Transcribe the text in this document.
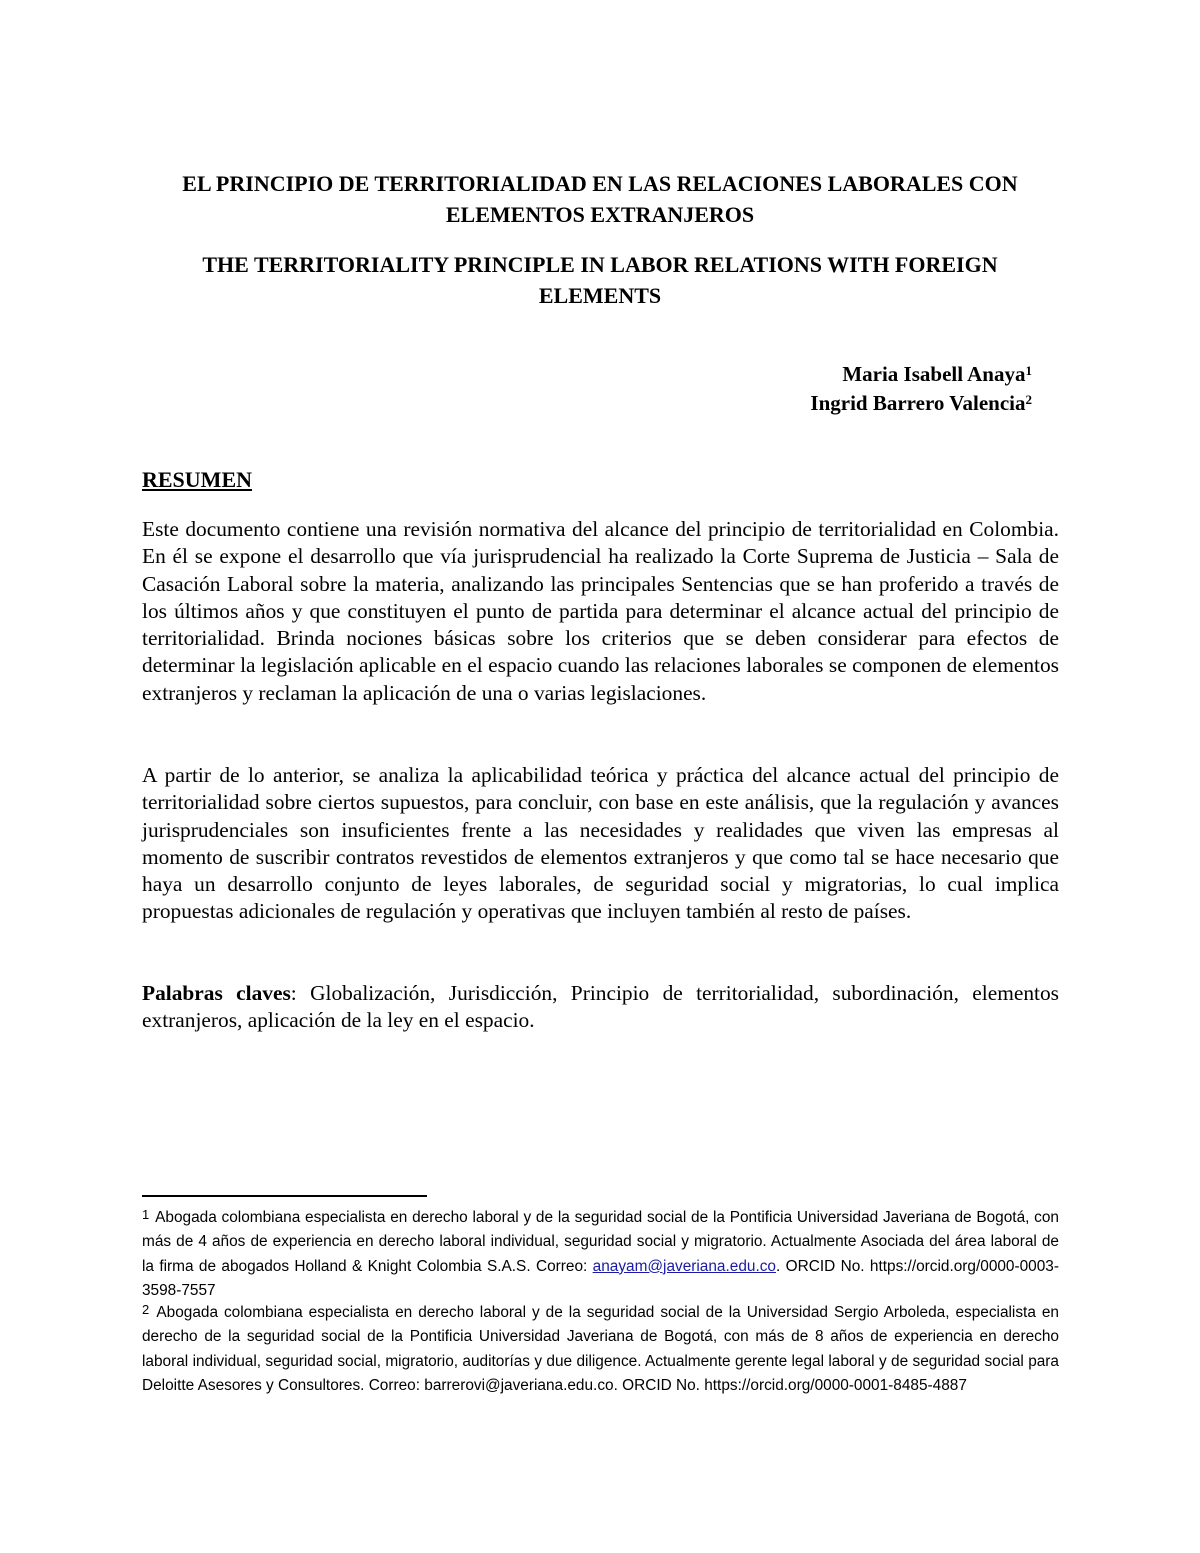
EL PRINCIPIO DE TERRITORIALIDAD EN LAS RELACIONES LABORALES CON ELEMENTOS EXTRANJEROS
THE TERRITORIALITY PRINCIPLE IN LABOR RELATIONS WITH FOREIGN ELEMENTS
Maria Isabell Anaya$^1$
Ingrid Barrero Valencia$^2$
RESUMEN

Este documento contiene una revisión normativa del alcance del principio de territorialidad en Colombia. En él se expone el desarrollo que vía jurisprudencial ha realizado la Corte Suprema de Justicia – Sala de Casación Laboral sobre la materia, analizando las principales Sentencias que se han proferido a través de los últimos años y que constituyen el punto de partida para determinar el alcance actual del principio de territorialidad. Brinda nociones básicas sobre los criterios que se deben considerar para efectos de determinar la legislación aplicable en el espacio cuando las relaciones laborales se componen de elementos extranjeros y reclaman la aplicación de una o varias legislaciones.

A partir de lo anterior, se analiza la aplicabilidad teórica y práctica del alcance actual del principio de territorialidad sobre ciertos supuestos, para concluir, con base en este análisis, que la regulación y avances jurisprudenciales son insuficientes frente a las necesidades y realidades que viven las empresas al momento de suscribir contratos revestidos de elementos extranjeros y que como tal se hace necesario que haya un desarrollo conjunto de leyes laborales, de seguridad social y migratorias, lo cual implica propuestas adicionales de regulación y operativas que incluyen también al resto de países.

Palabras claves: Globalización, Jurisdicción, Principio de territorialidad, subordinación, elementos extranjeros, aplicación de la ley en el espacio.

1 Abogada colombiana especialista en derecho laboral y de la seguridad social de la Pontificia Universidad Javeriana de Bogotá, con más de 4 años de experiencia en derecho laboral individual, seguridad social y migratorio. Actualmente Asociada del área laboral de la firma de abogados Holland & Knight Colombia S.A.S. Correo: anayam@javeriana.edu.co. ORCID No. https://orcid.org/0000-0003-3598-7557

2 Abogada colombiana especialista en derecho laboral y de la seguridad social de la Universidad Sergio Arboleda, especialista en derecho de la seguridad social de la Pontificia Universidad Javeriana de Bogotá, con más de 8 años de experiencia en derecho laboral individual, seguridad social, migratorio, auditorías y due diligence. Actualmente gerente legal laboral y de seguridad social para Deloitte Asesores y Consultores. Correo: barrerovi@javeriana.edu.co. ORCID No. https://orcid.org/0000-0001-8485-4887
